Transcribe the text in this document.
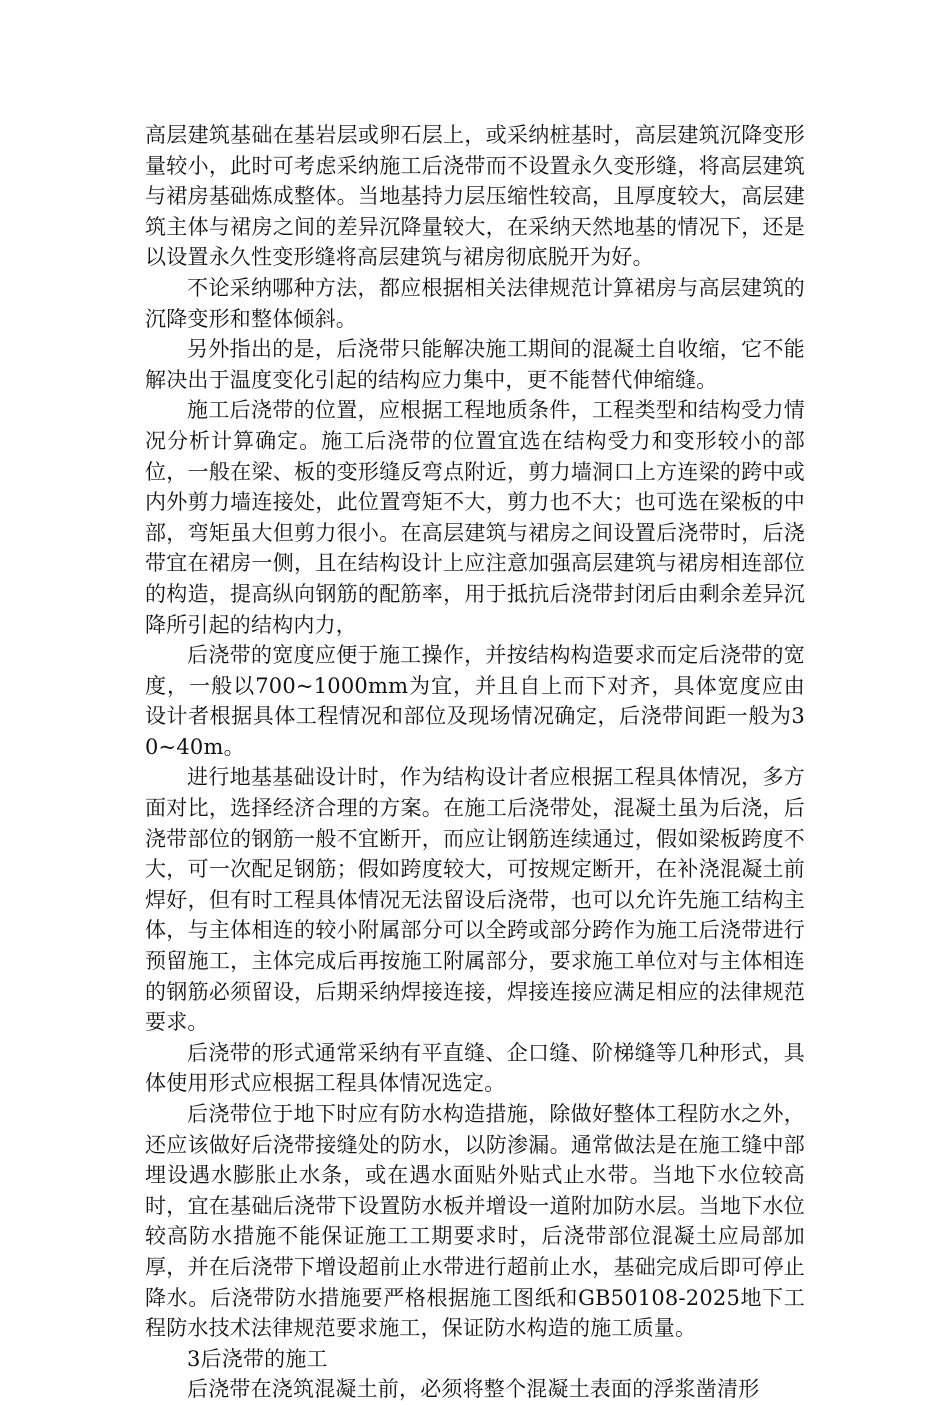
高层建筑基础在基岩层或卵石层上，或采纳桩基时，高层建筑沉降变形量较小，此时可考虑采纳施工后浇带而不设置永久变形缝，将高层建筑与裙房基础炼成整体。当地基持力层压缩性较高，且厚度较大，高层建筑主体与裙房之间的差异沉降量较大，在采纳天然地基的情况下，还是以设置永久性变形缝将高层建筑与裙房彻底脱开为好。

不论采纳哪种方法，都应根据相关法律规范计算裙房与高层建筑的沉降变形和整体倾斜。

另外指出的是，后浇带只能解决施工期间的混凝土自收缩，它不能解决出于温度变化引起的结构应力集中，更不能替代伸缩缝。

施工后浇带的位置，应根据工程地质条件，工程类型和结构受力情况分析计算确定。施工后浇带的位置宜选在结构受力和变形较小的部位，一般在梁、板的变形缝反弯点附近，剪力墙洞口上方连梁的跨中或内外剪力墙连接处，此位置弯矩不大，剪力也不大；也可选在梁板的中部，弯矩虽大但剪力很小。在高层建筑与裙房之间设置后浇带时，后浇带宜在裙房一侧，且在结构设计上应注意加强高层建筑与裙房相连部位的构造，提高纵向钢筋的配筋率，用于抵抗后浇带封闭后由剩余差异沉降所引起的结构内力，

后浇带的宽度应便于施工操作，并按结构构造要求而定后浇带的宽度，一般以700~1000mm为宜，并且自上而下对齐，具体宽度应由设计者根据具体工程情况和部位及现场情况确定，后浇带间距一般为30~40m。

进行地基基础设计时，作为结构设计者应根据工程具体情况，多方面对比，选择经济合理的方案。在施工后浇带处，混凝土虽为后浇，后浇带部位的钢筋一般不宜断开，而应让钢筋连续通过，假如梁板跨度不大，可一次配足钢筋；假如跨度较大，可按规定断开，在补浇混凝土前焊好，但有时工程具体情况无法留设后浇带，也可以允许先施工结构主体，与主体相连的较小附属部分可以全跨或部分跨作为施工后浇带进行预留施工，主体完成后再按施工附属部分，要求施工单位对与主体相连的钢筋必须留设，后期采纳焊接连接，焊接连接应满足相应的法律规范要求。

后浇带的形式通常采纳有平直缝、企口缝、阶梯缝等几种形式，具体使用形式应根据工程具体情况选定。

后浇带位于地下时应有防水构造措施，除做好整体工程防水之外，还应该做好后浇带接缝处的防水，以防渗漏。通常做法是在施工缝中部埋设遇水膨胀止水条，或在遇水面贴外贴式止水带。当地下水位较高时，宜在基础后浇带下设置防水板并增设一道附加防水层。当地下水位较高防水措施不能保证施工工期要求时，后浇带部位混凝土应局部加厚，并在后浇带下增设超前止水带进行超前止水，基础完成后即可停止降水。后浇带防水措施要严格根据施工图纸和GB50108-2025地下工程防水技术法律规范要求施工，保证防水构造的施工质量。

3后浇带的施工

后浇带在浇筑混凝土前，必须将整个混凝土表面的浮浆凿清形
